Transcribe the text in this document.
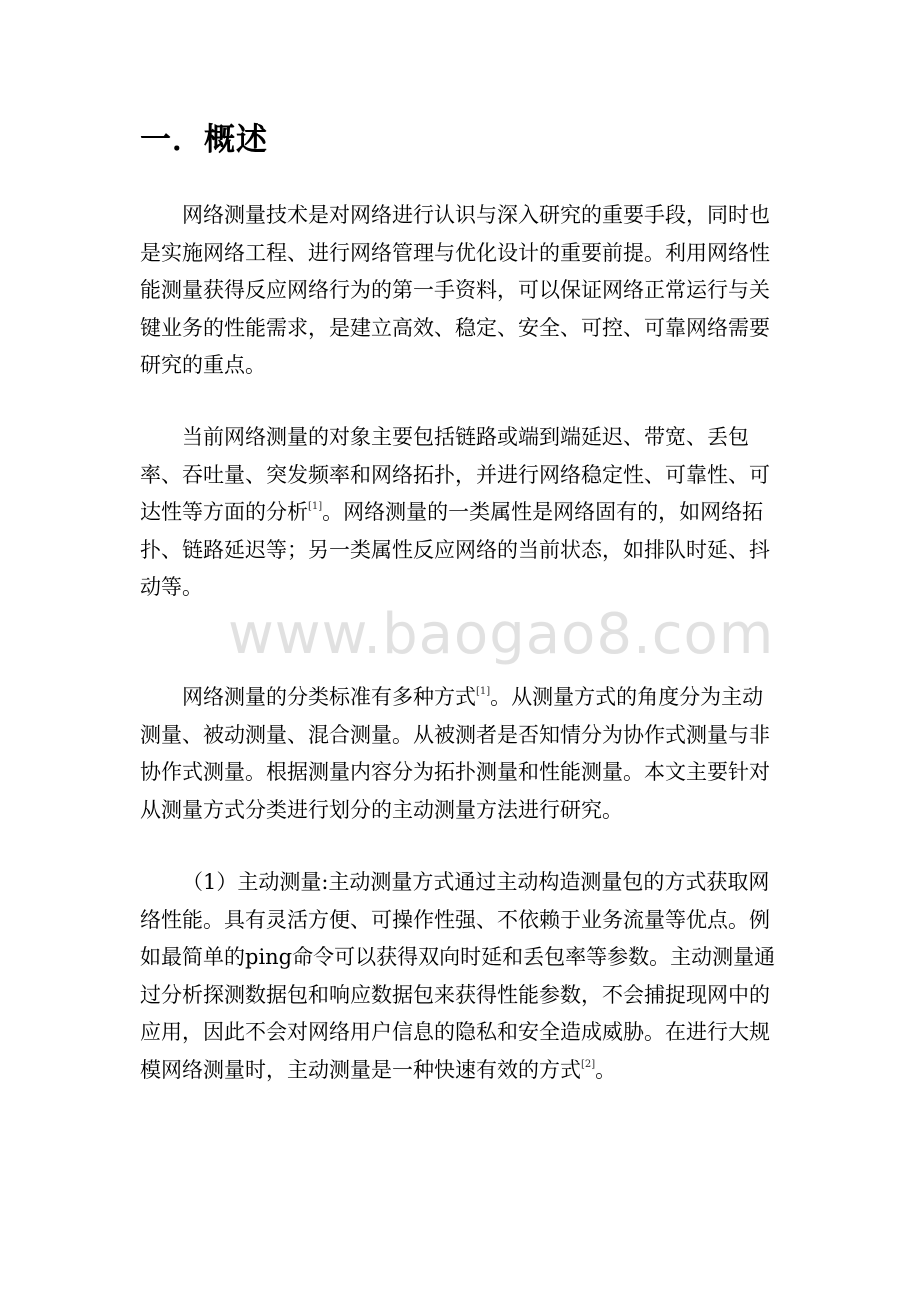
一．概述

网络测量技术是对网络进行认识与深入研究的重要手段，同时也是实施网络工程、进行网络管理与优化设计的重要前提。利用网络性能测量获得反应网络行为的第一手资料，可以保证网络正常运行与关键业务的性能需求，是建立高效、稳定、安全、可控、可靠网络需要研究的重点。

当前网络测量的对象主要包括链路或端到端延迟、带宽、丢包率、吞吐量、突发频率和网络拓扑，并进行网络稳定性、可靠性、可达性等方面的分析[1]。网络测量的一类属性是网络固有的，如网络拓扑、链路延迟等；另一类属性反应网络的当前状态，如排队时延、抖动等。

网络测量的分类标准有多种方式[1]。从测量方式的角度分为主动测量、被动测量、混合测量。从被测者是否知情分为协作式测量与非协作式测量。根据测量内容分为拓扑测量和性能测量。本文主要针对从测量方式分类进行划分的主动测量方法进行研究。

（1）主动测量:主动测量方式通过主动构造测量包的方式获取网络性能。具有灵活方便、可操作性强、不依赖于业务流量等优点。例如最简单的ping命令可以获得双向时延和丢包率等参数。主动测量通过分析探测数据包和响应数据包来获得性能参数，不会捕捉现网中的应用，因此不会对网络用户信息的隐私和安全造成威胁。在进行大规模网络测量时，主动测量是一种快速有效的方式[2]。

www.baogao8.com
